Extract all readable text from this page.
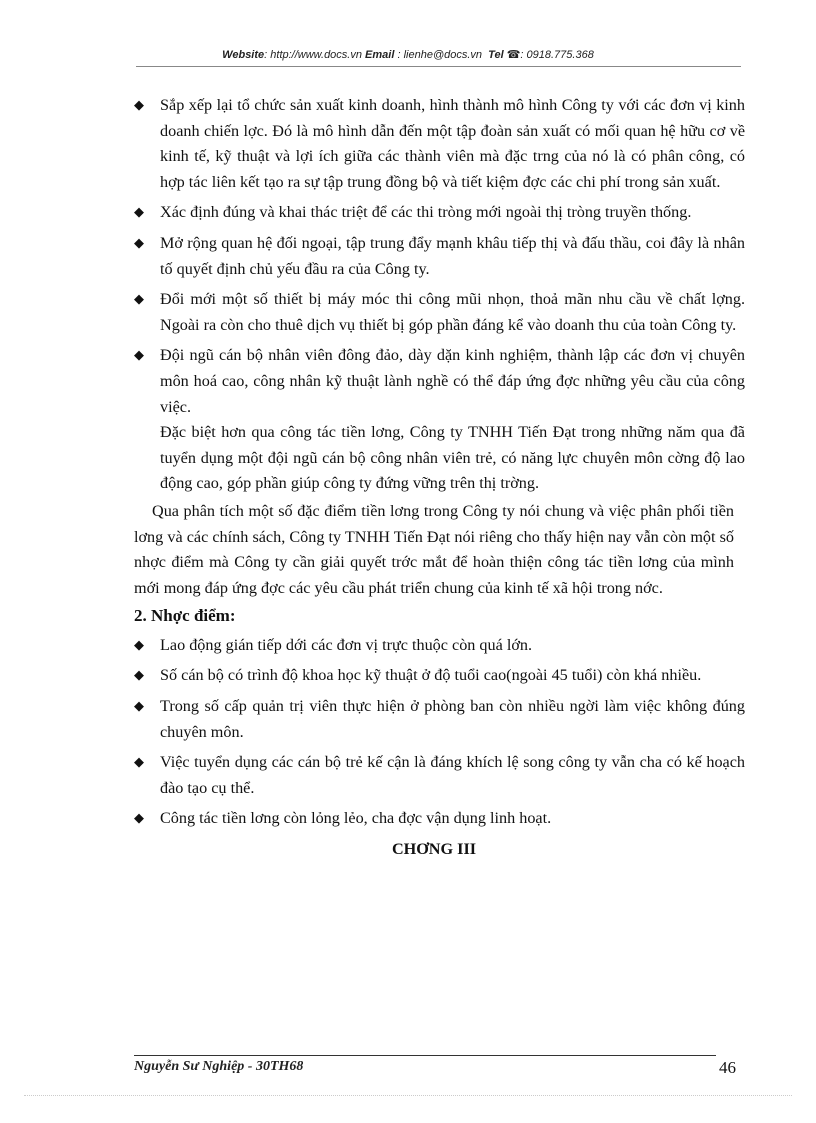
Website: http://www.docs.vn Email : lienhe@docs.vn Tel ☎: 0918.775.368
◆ Sắp xếp lại tổ chức sản xuất kinh doanh, hình thành mô hình Công ty với các đơn vị kinh doanh chiến lợc. Đó là mô hình dẫn đến một tập đoàn sản xuất có mối quan hệ hữu cơ về kinh tế, kỹ thuật và lợi ích giữa các thành viên mà đặc trng của nó là có phân công, có hợp tác liên kết tạo ra sự tập trung đồng bộ và tiết kiệm đợc các chi phí trong sản xuất.
◆ Xác định đúng và khai thác triệt để các thi tròng mới ngoài thị tròng truyền thống.
◆ Mở rộng quan hệ đối ngoại, tập trung đẩy mạnh khâu tiếp thị và đấu thầu, coi đây là nhân tố quyết định chủ yếu đầu ra của Công ty.
◆ Đổi mới một số thiết bị máy móc thi công mũi nhọn, thoả mãn nhu cầu về chất lợng. Ngoài ra còn cho thuê dịch vụ thiết bị góp phần đáng kể vào doanh thu của toàn Công ty.
◆ Đội ngũ cán bộ nhân viên đông đảo, dày dặn kinh nghiệm, thành lập các đơn vị chuyên môn hoá cao, công nhân kỹ thuật lành nghề có thể đáp ứng đợc những yêu cầu của công việc.

Đặc biệt hơn qua công tác tiền lơng, Công ty TNHH Tiến Đạt trong những năm qua đã tuyển dụng một đội ngũ cán bộ công nhân viên trẻ, có năng lực chuyên môn cờng độ lao động cao, góp phần giúp công ty đứng vững trên thị trờng.

Qua phân tích một số đặc điểm tiền lơng trong Công ty nói chung và việc phân phối tiền lơng và các chính sách, Công ty TNHH Tiến Đạt nói riêng cho thấy hiện nay vẫn còn một số nhợc điểm mà Công ty cần giải quyết trớc mắt để hoàn thiện công tác tiền lơng của mình mới mong đáp ứng đợc các yêu cầu phát triển chung của kinh tế xã hội trong nớc.

2. Nhợc điểm:
◆ Lao động gián tiếp dới các đơn vị trực thuộc còn quá lớn.
◆ Số cán bộ có trình độ khoa học kỹ thuật ở độ tuổi cao(ngoài 45 tuổi) còn khá nhiều.
◆ Trong số cấp quản trị viên thực hiện ở phòng ban còn nhiều ngời làm việc không đúng chuyên môn.
◆ Việc tuyển dụng các cán bộ trẻ kế cận là đáng khích lệ song công ty vẫn cha có kế hoạch đào tạo cụ thể.
◆ Công tác tiền lơng còn lỏng lẻo, cha đợc vận dụng linh hoạt.
CHƠNG III
Nguyễn Sư Nghiệp - 30TH68	46
